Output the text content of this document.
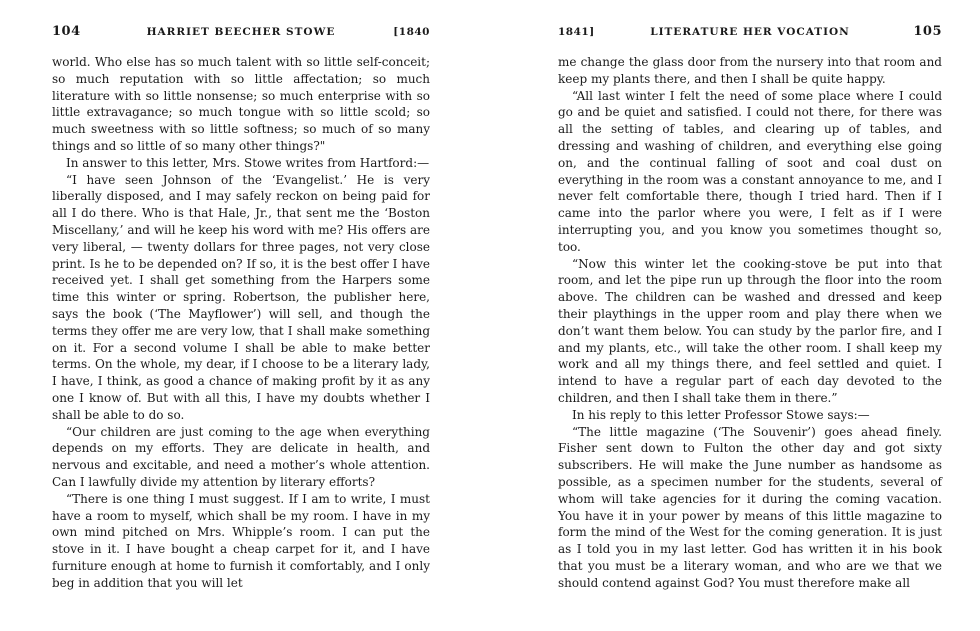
104	HARRIET BEECHER STOWE	[1840

world. Who else has so much talent with so little self-conceit; so much reputation with so little affectation; so much literature with so little nonsense; so much enterprise with so little extravagance; so much tongue with so little scold; so much sweetness with so little softness; so much of so many things and so little of so many other things?"

In answer to this letter, Mrs. Stowe writes from Hartford:—

“I have seen Johnson of the ‘Evangelist.’ He is very liberally disposed, and I may safely reckon on being paid for all I do there. Who is that Hale, Jr., that sent me the ‘Boston Miscellany,’ and will he keep his word with me? His offers are very liberal, — twenty dollars for three pages, not very close print. Is he to be depended on? If so, it is the best offer I have received yet. I shall get something from the Harpers some time this winter or spring. Robertson, the publisher here, says the book (‘The Mayflower’) will sell, and though the terms they offer me are very low, that I shall make something on it. For a second volume I shall be able to make better terms. On the whole, my dear, if I choose to be a literary lady, I have, I think, as good a chance of making profit by it as any one I know of. But with all this, I have my doubts whether I shall be able to do so.

“Our children are just coming to the age when everything depends on my efforts. They are delicate in health, and nervous and excitable, and need a mother’s whole attention. Can I lawfully divide my attention by literary efforts?

“There is one thing I must suggest. If I am to write, I must have a room to myself, which shall be my room. I have in my own mind pitched on Mrs. Whipple’s room. I can put the stove in it. I have bought a cheap carpet for it, and I have furniture enough at home to furnish it comfortably, and I only beg in addition that you will let

1841]	LITERATURE HER VOCATION	105

me change the glass door from the nursery into that room and keep my plants there, and then I shall be quite happy.

“All last winter I felt the need of some place where I could go and be quiet and satisfied. I could not there, for there was all the setting of tables, and clearing up of tables, and dressing and washing of children, and everything else going on, and the continual falling of soot and coal dust on everything in the room was a constant annoyance to me, and I never felt comfortable there, though I tried hard. Then if I came into the parlor where you were, I felt as if I were interrupting you, and you know you sometimes thought so, too.

“Now this winter let the cooking-stove be put into that room, and let the pipe run up through the floor into the room above. The children can be washed and dressed and keep their playthings in the upper room and play there when we don’t want them below. You can study by the parlor fire, and I and my plants, etc., will take the other room. I shall keep my work and all my things there, and feel settled and quiet. I intend to have a regular part of each day devoted to the children, and then I shall take them in there.”

In his reply to this letter Professor Stowe says:—

“The little magazine (‘The Souvenir’) goes ahead finely. Fisher sent down to Fulton the other day and got sixty subscribers. He will make the June number as handsome as possible, as a specimen number for the students, several of whom will take agencies for it during the coming vacation. You have it in your power by means of this little magazine to form the mind of the West for the coming generation. It is just as I told you in my last letter. God has written it in his book that you must be a literary woman, and who are we that we should contend against God? You must therefore make all
